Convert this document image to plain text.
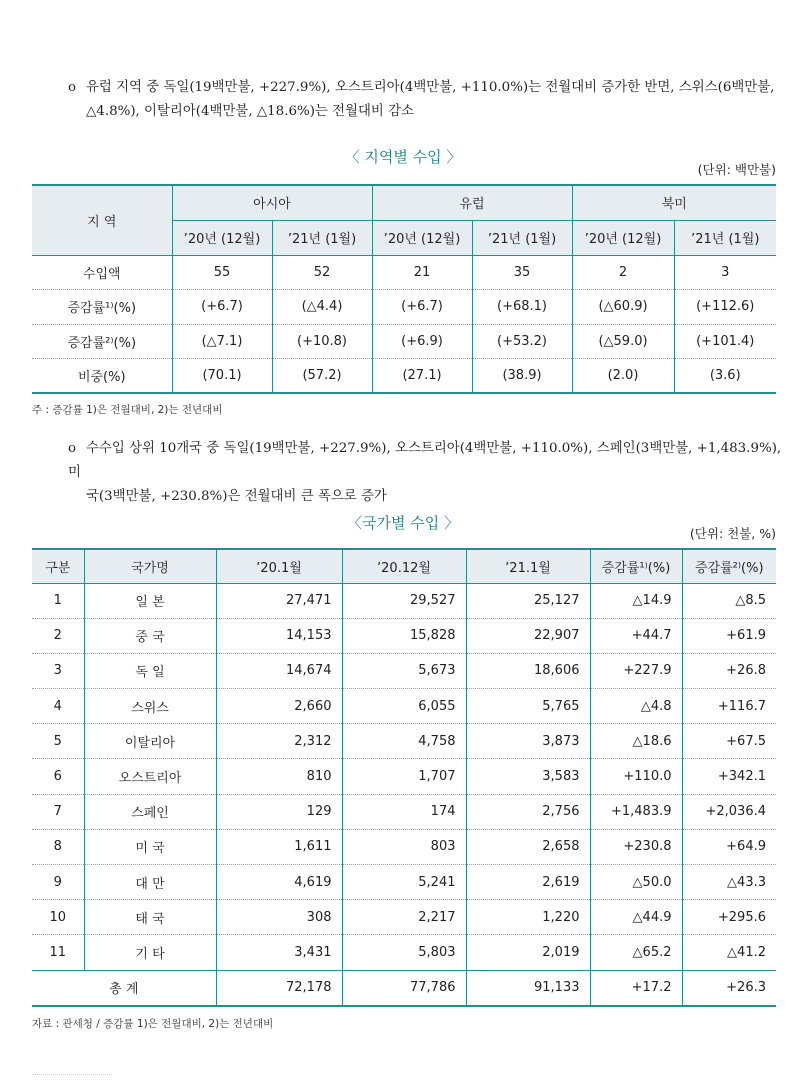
o 유럽 지역 중 독일(19백만불, +227.9%), 오스트리아(4백만불, +110.0%)는 전월대비 증가한 반면, 스위스(6백만불,
△4.8%), 이탈리아(4백만불, △18.6%)는 전월대비 감소
〈 지역별 수입 〉
(단위: 백만불)
지 역	아시아		유럽		북미	
	’20년 (12월)	’21년 (1월)	’20년 (12월)	’21년 (1월)	’20년 (12월)	’21년 (1월)
수입액	55	52	21	35	2	3
증감률¹⁾(%)	(+6.7)	(△4.4)	(+6.7)	(+68.1)	(△60.9)	(+112.6)
증감률²⁾(%)	(△7.1)	(+10.8)	(+6.9)	(+53.2)	(△59.0)	(+101.4)
비중(%)	(70.1)	(57.2)	(27.1)	(38.9)	(2.0)	(3.6)
주 : 증감률 1)은 전월대비, 2)는 전년대비
o 수수입 상위 10개국 중 독일(19백만불, +227.9%), 오스트리아(4백만불, +110.0%), 스페인(3백만불, +1,483.9%), 미
국(3백만불, +230.8%)은 전월대비 큰 폭으로 증가
〈국가별 수입 〉
(단위: 천불, %)
구분	국가명	’20.1월	’20.12월	’21.1월	증감률¹⁾(%)	증감률²⁾(%)
1	일 본	27,471	29,527	25,127	△14.9	△8.5
2	중 국	14,153	15,828	22,907	+44.7	+61.9
3	독 일	14,674	5,673	18,606	+227.9	+26.8
4	스위스	2,660	6,055	5,765	△4.8	+116.7
5	이탈리아	2,312	4,758	3,873	△18.6	+67.5
6	오스트리아	810	1,707	3,583	+110.0	+342.1
7	스페인	129	174	2,756	+1,483.9	+2,036.4
8	미 국	1,611	803	2,658	+230.8	+64.9
9	대 만	4,619	5,241	2,619	△50.0	△43.3
10	태 국	308	2,217	1,220	△44.9	+295.6
11	기 타	3,431	5,803	2,019	△65.2	△41.2
총 계		72,178	77,786	91,133	+17.2	+26.3
자료 : 관세청 / 증감률 1)은 전월대비, 2)는 전년대비
